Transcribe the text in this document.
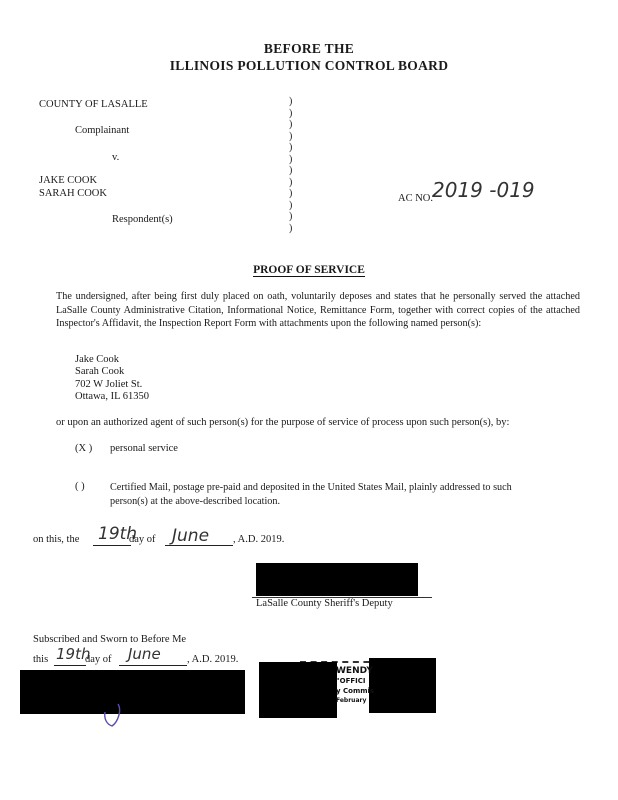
BEFORE THE
ILLINOIS POLLUTION CONTROL BOARD
COUNTY OF LASALLE
Complainant
v.
JAKE COOK
SARAH COOK
Respondent(s)
)
)
)
)
)
)
)
)
)
)
)
)
AC NO.
2019 -019
PROOF OF SERVICE
The undersigned, after being first duly placed on oath, voluntarily deposes and states that he personally served the attached LaSalle County Administrative Citation, Informational Notice, Remittance Form, together with correct copies of the attached Inspector's Affidavit, the Inspection Report Form with attachments upon the following named person(s):
Jake Cook
Sarah Cook
702 W Joliet St.
Ottawa, IL 61350
or upon an authorized agent of such person(s) for the purpose of service of process upon such person(s), by:
(X ) personal service
( ) Certified Mail, postage pre-paid and deposited in the United States Mail, plainly addressed to such person(s) at the above-described location.
on this, the 19th
day of June , A.D. 2019.
LaSalle County Sheriff's Deputy
Subscribed and Sworn to Before Me
this 19th
day of June	, A.D. 2019.
WENDY
"OFFICI
y Commis
February
